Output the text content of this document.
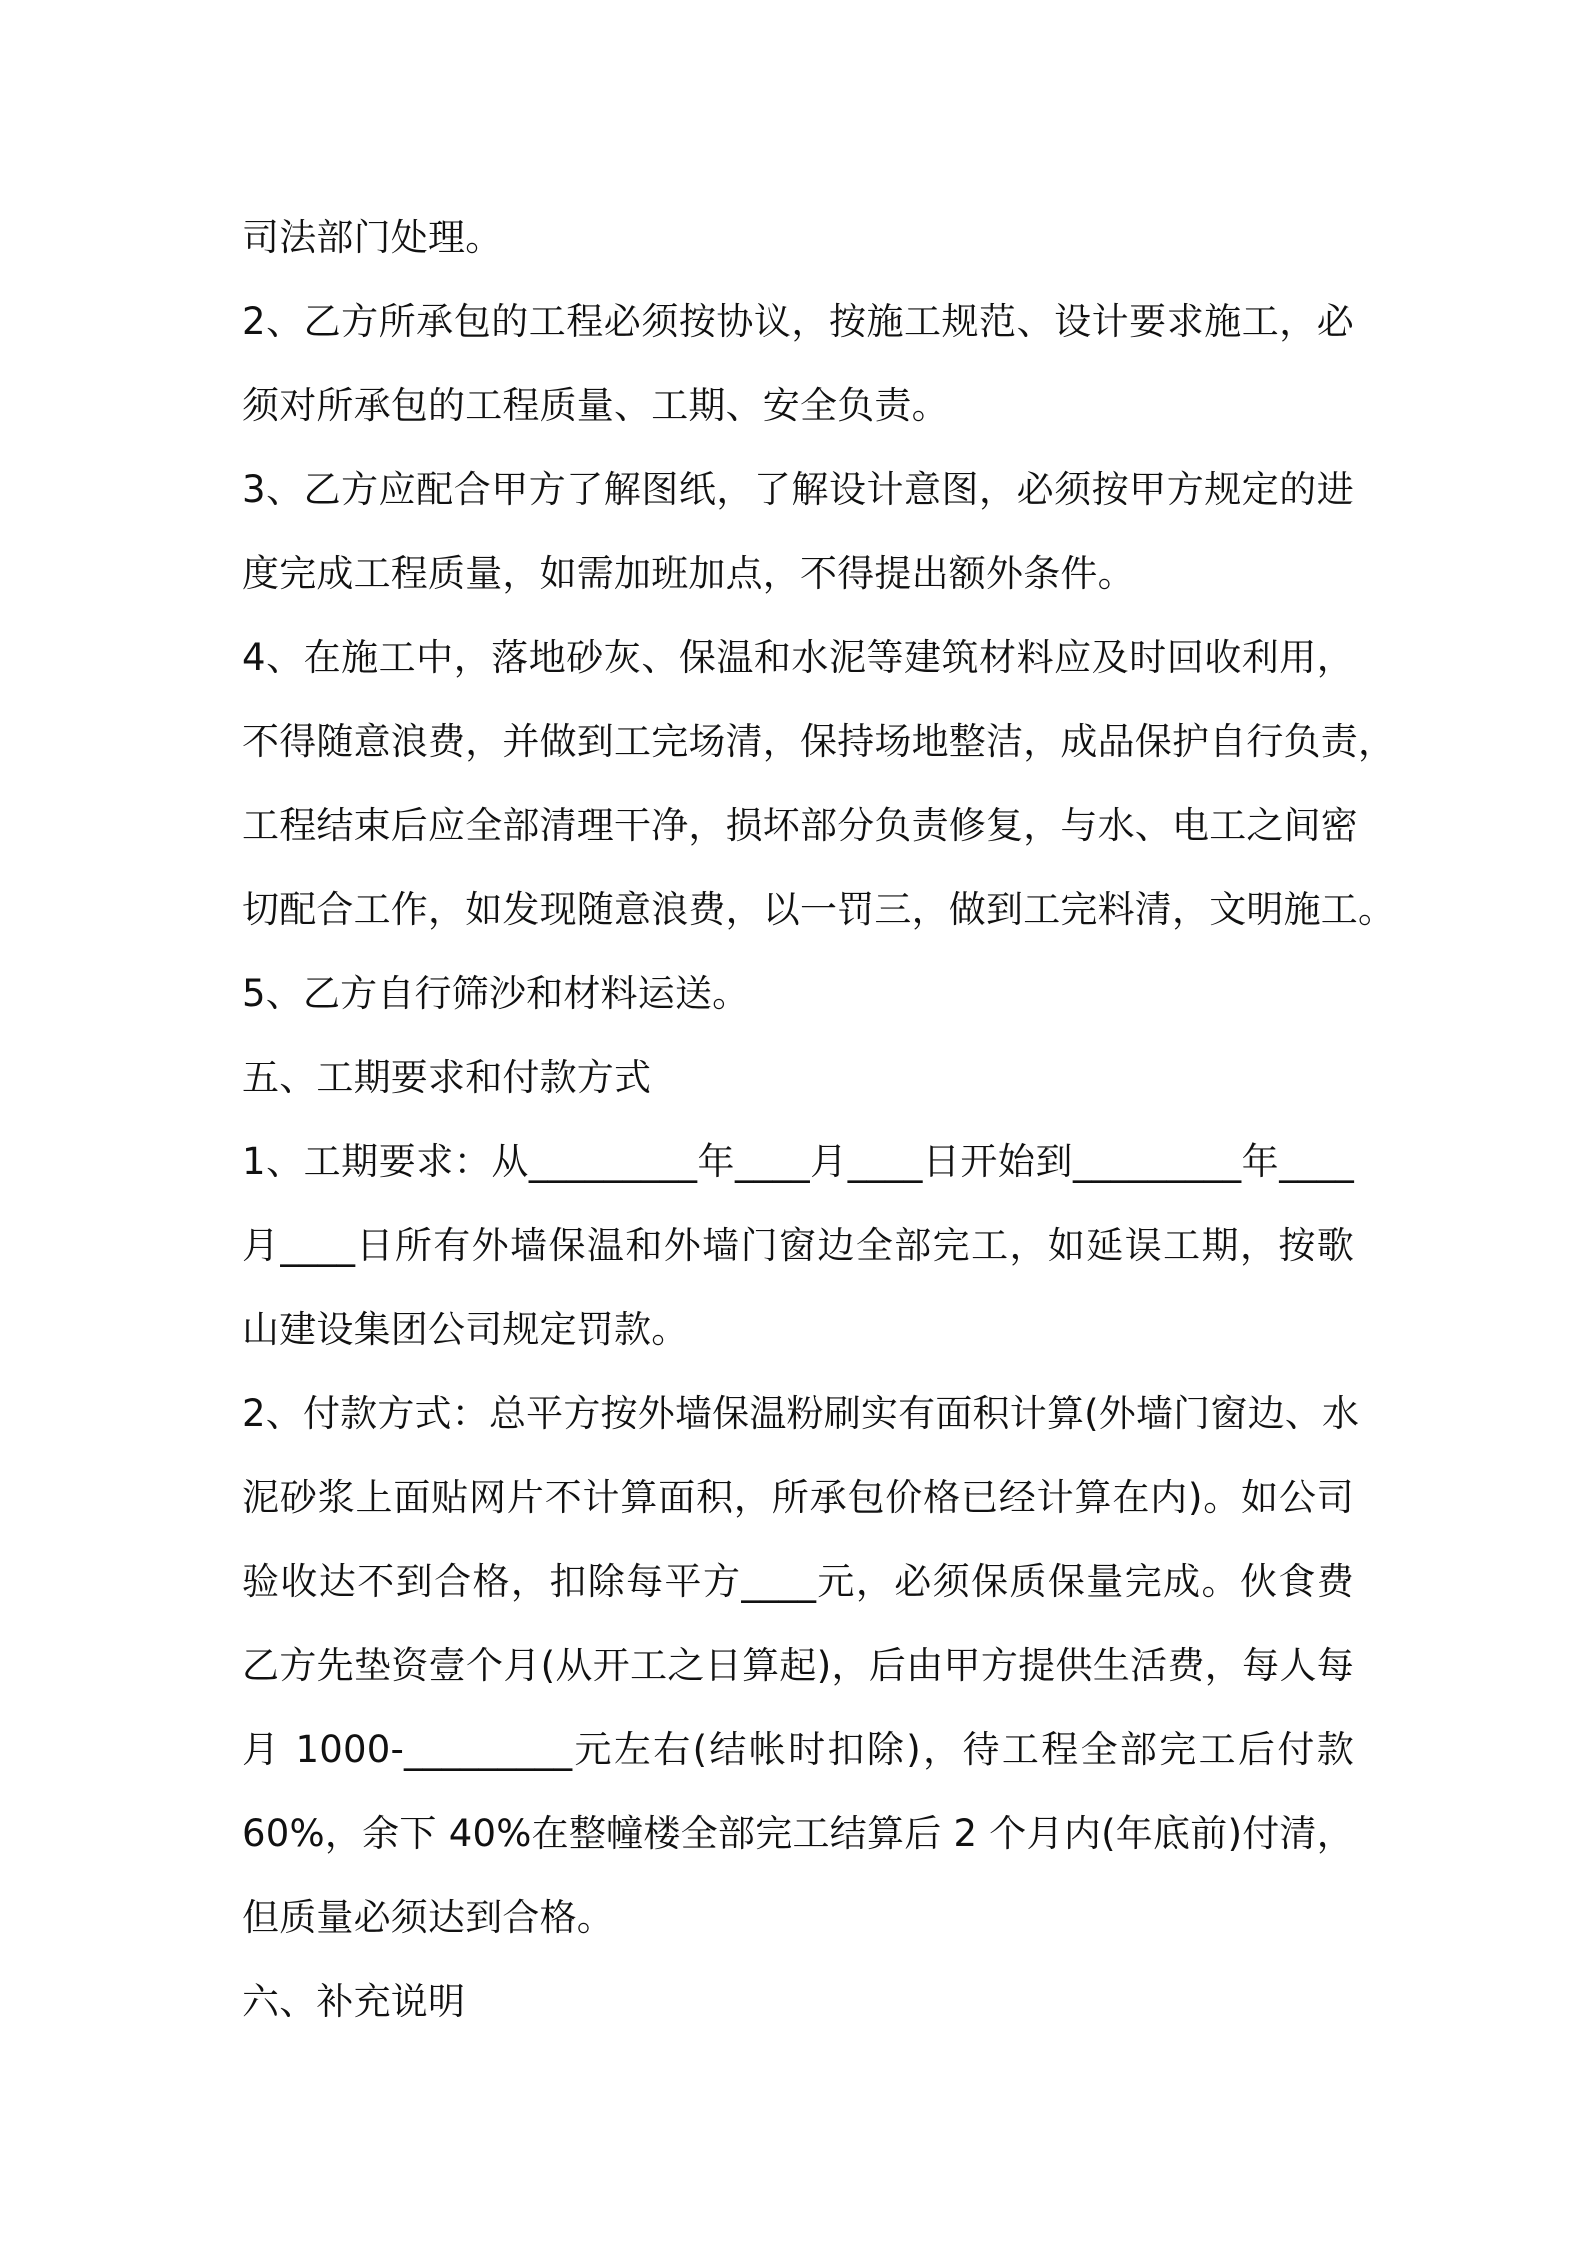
司法部门处理。
2、乙方所承包的工程必须按协议，按施工规范、设计要求施工，必
须对所承包的工程质量、工期、安全负责。
3、乙方应配合甲方了解图纸，了解设计意图，必须按甲方规定的进
度完成工程质量，如需加班加点，不得提出额外条件。
4、在施工中，落地砂灰、保温和水泥等建筑材料应及时回收利用，
不得随意浪费，并做到工完场清，保持场地整洁，成品保护自行负责，
工程结束后应全部清理干净，损坏部分负责修复，与水、电工之间密
切配合工作，如发现随意浪费，以一罚三，做到工完料清，文明施工。
5、乙方自行筛沙和材料运送。
五、工期要求和付款方式
1、工期要求：从_________年____月____日开始到_________年____
月____日所有外墙保温和外墙门窗边全部完工，如延误工期，按歌
山建设集团公司规定罚款。
2、付款方式：总平方按外墙保温粉刷实有面积计算(外墙门窗边、水
泥砂浆上面贴网片不计算面积，所承包价格已经计算在内)。如公司
验收达不到合格，扣除每平方____元，必须保质保量完成。伙食费
乙方先垫资壹个月(从开工之日算起)，后由甲方提供生活费，每人每
月 1000-_________元左右(结帐时扣除)，待工程全部完工后付款
60%，余下 40%在整幢楼全部完工结算后 2 个月内(年底前)付清，
但质量必须达到合格。
六、补充说明
